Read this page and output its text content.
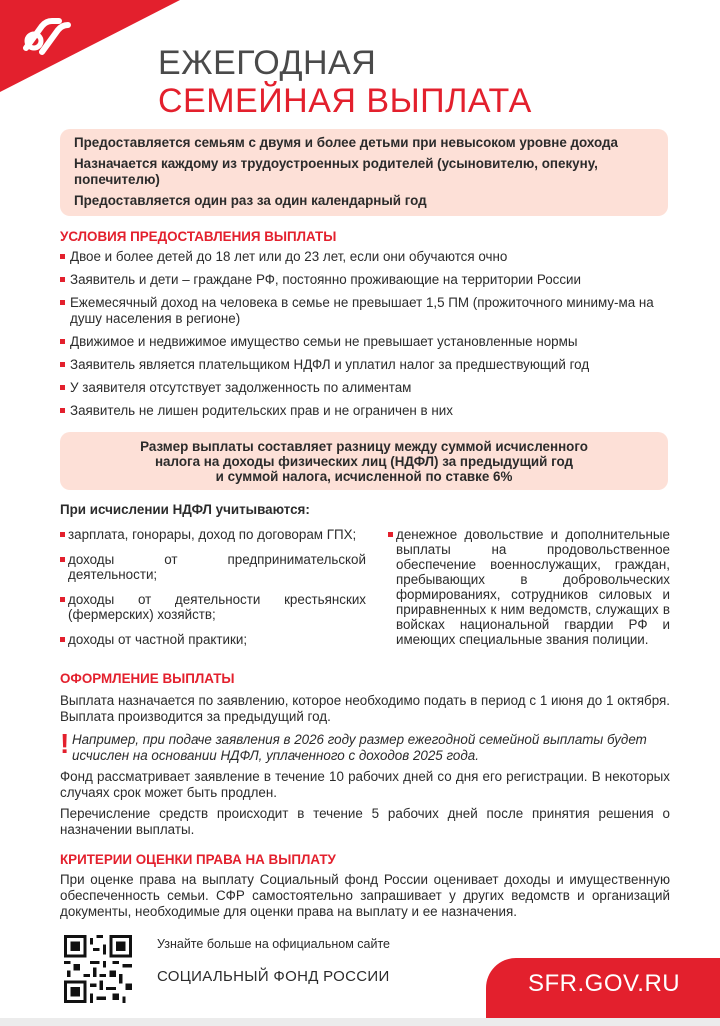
ЕЖЕГОДНАЯ
СЕМЕЙНАЯ ВЫПЛАТА

Предоставляется семьям с двумя и более детьми при невысоком уровне дохода

Назначается каждому из трудоустроенных родителей (усыновителю, опекуну, попечителю)

Предоставляется один раз за один календарный год

УСЛОВИЯ ПРЕДОСТАВЛЕНИЯ ВЫПЛАТЫ
Двое и более детей до 18 лет или до 23 лет, если они обучаются очно
Заявитель и дети – граждане РФ, постоянно проживающие на территории России
Ежемесячный доход на человека в семье не превышает 1,5 ПМ (прожиточного миниму-ма на душу населения в регионе)
Движимое и недвижимое имущество семьи не превышает установленные нормы
Заявитель является плательщиком НДФЛ и уплатил налог за предшествующий год
У заявителя отсутствует задолженность по алиментам
Заявитель не лишен родительских прав и не ограничен в них
Размер выплаты составляет разницу между суммой исчисленного
налога на доходы физических лиц (НДФЛ) за предыдущий год
и суммой налога, исчисленной по ставке 6%
При исчислении НДФЛ учитываются:
зарплата, гонорары, доход по договорам ГПХ;
доходы от предпринимательской деятельности;
доходы от деятельности крестьянских (фермерских) хозяйств;
доходы от частной практики;
денежное довольствие и дополнительные выплаты на продовольственное обеспечение военнослужащих, граждан, пребывающих в добровольческих формированиях, сотрудников силовых и приравненных к ним ведомств, служащих в войсках национальной гвардии РФ и имеющих специальные звания полиции.
ОФОРМЛЕНИЕ ВЫПЛАТЫ

Выплата назначается по заявлению, которое необходимо подать в период с 1 июня до 1 октября. Выплата производится за предыдущий год.

! Например, при подаче заявления в 2026 году размер ежегодной семейной выплаты будет исчислен на основании НДФЛ, уплаченного с доходов 2025 года.

Фонд рассматривает заявление в течение 10 рабочих дней со дня его регистрации. В некоторых случаях срок может быть продлен.

Перечисление средств происходит в течение 5 рабочих дней после принятия решения о назначении выплаты.

КРИТЕРИИ ОЦЕНКИ ПРАВА НА ВЫПЛАТУ

При оценке права на выплату Социальный фонд России оценивает доходы и имущественную обеспеченность семьи. СФР самостоятельно запрашивает у других ведомств и организаций документы, необходимые для оценки права на выплату и ее назначения.

Узнайте больше на официальном сайте
СОЦИАЛЬНЫЙ ФОНД РОССИИ	SFR.GOV.RU
